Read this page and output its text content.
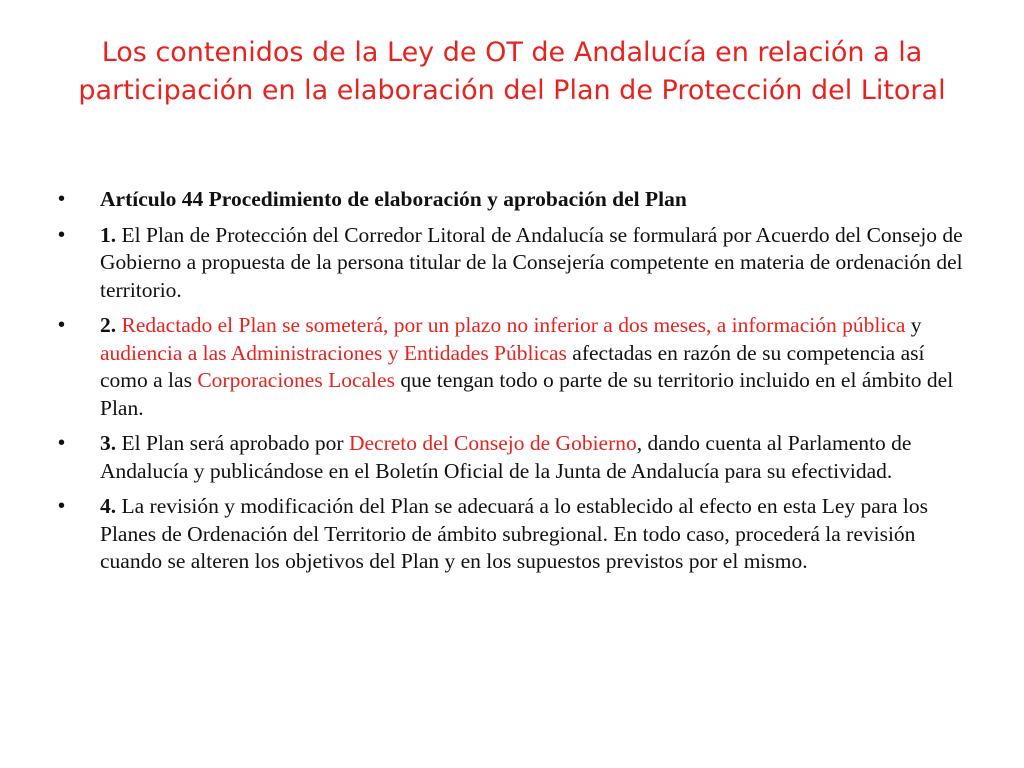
Los contenidos de la Ley de OT de Andalucía en relación a la participación en la elaboración del Plan de Protección del Litoral
•	Artículo 44 Procedimiento de elaboración y aprobación del Plan
•	1. El Plan de Protección del Corredor Litoral de Andalucía se formulará por Acuerdo del Consejo de Gobierno a propuesta de la persona titular de la Consejería competente en materia de ordenación del territorio.
•	2. Redactado el Plan se someterá, por un plazo no inferior a dos meses, a información pública y audiencia a las Administraciones y Entidades Públicas afectadas en razón de su competencia así como a las Corporaciones Locales que tengan todo o parte de su territorio incluido en el ámbito del Plan.
•	3. El Plan será aprobado por Decreto del Consejo de Gobierno, dando cuenta al Parlamento de Andalucía y publicándose en el Boletín Oficial de la Junta de Andalucía para su efectividad.
•	4. La revisión y modificación del Plan se adecuará a lo establecido al efecto en esta Ley para los Planes de Ordenación del Territorio de ámbito subregional. En todo caso, procederá la revisión cuando se alteren los objetivos del Plan y en los supuestos previstos por el mismo.
